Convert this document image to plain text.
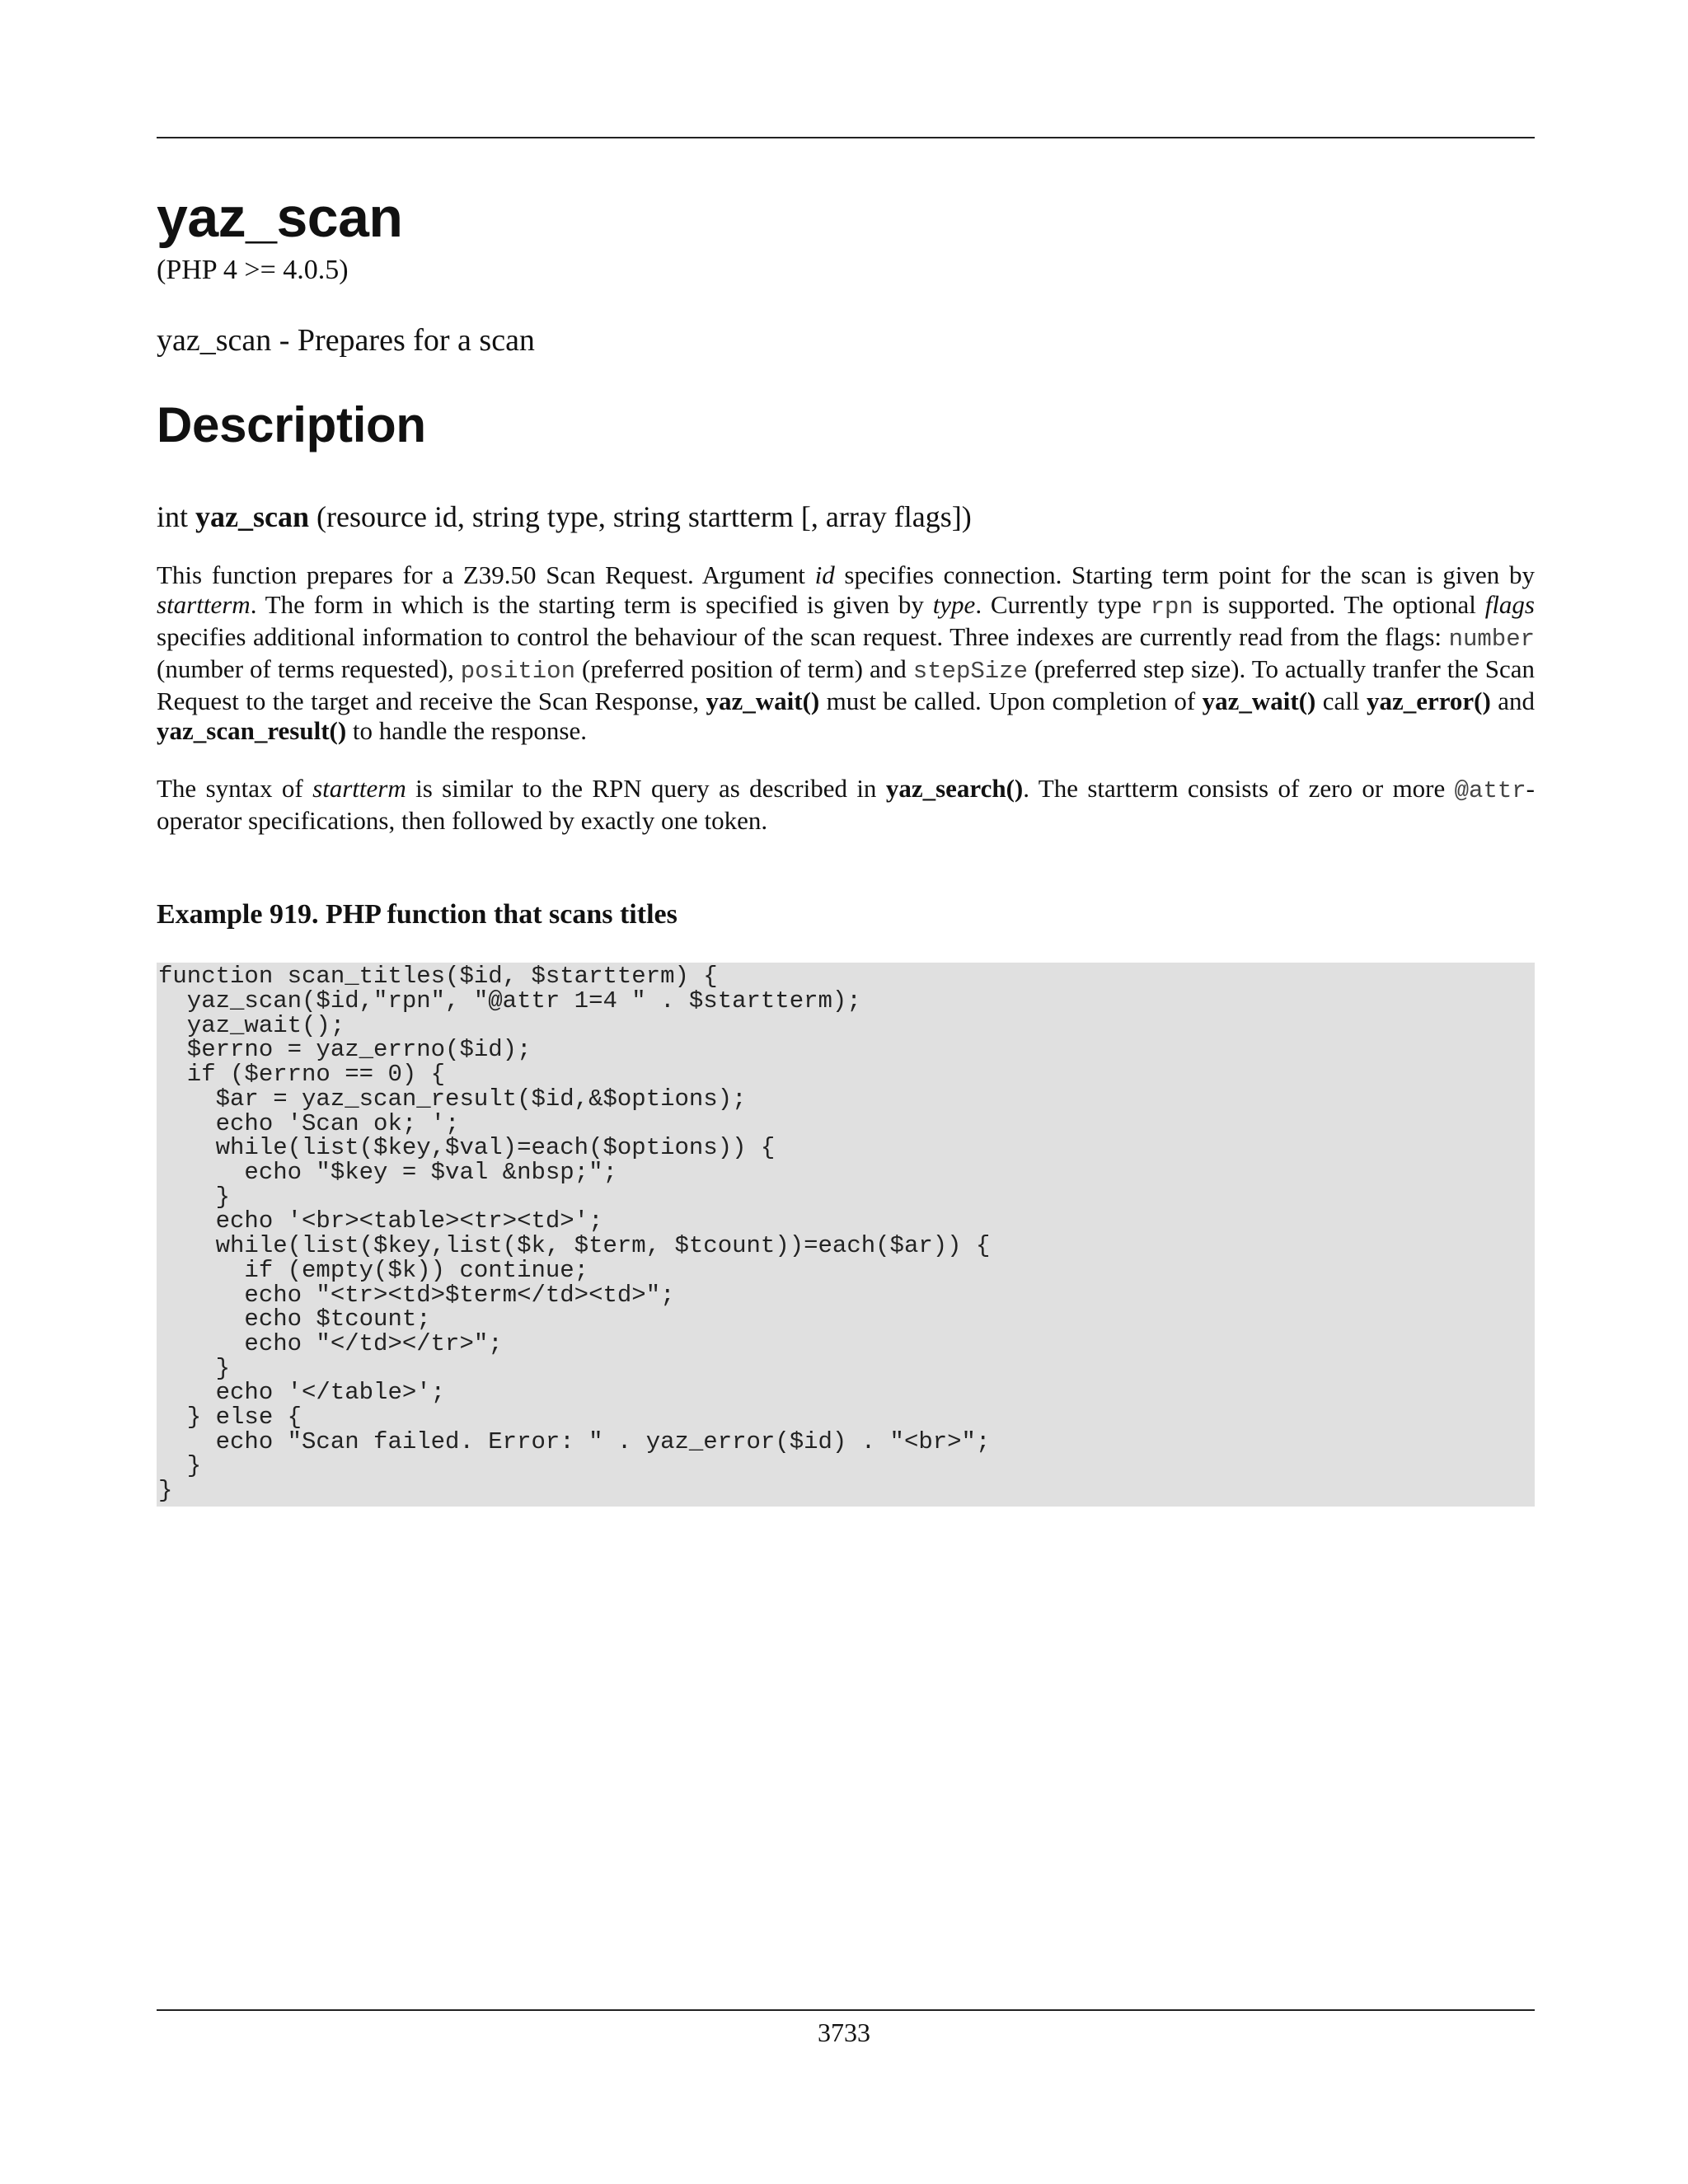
yaz_scan
(PHP 4 >= 4.0.5)
yaz_scan - Prepares for a scan
Description
int yaz_scan (resource id, string type, string startterm [, array flags])

This function prepares for a Z39.50 Scan Request. Argument id specifies connection. Starting term point for the scan is given by startterm. The form in which is the starting term is specified is given by type. Currently type rpn is supported. The optional flags specifies additional information to control the behaviour of the scan request. Three indexes are currently read from the flags: number (number of terms requested), position (preferred position of term) and stepSize (preferred step size). To actually tranfer the Scan Request to the target and receive the Scan Response, yaz_wait() must be called. Upon completion of yaz_wait() call yaz_error() and yaz_scan_result() to handle the response.

The syntax of startterm is similar to the RPN query as described in yaz_search(). The startterm consists of zero or more @attr-operator specifications, then followed by exactly one token.

Example 919. PHP function that scans titles
function scan_titles($id, $startterm) {
yaz_scan($id,"rpn", "@attr 1=4 " . $startterm);
yaz_wait();
$errno = yaz_errno($id);
if ($errno == 0) {
$ar = yaz_scan_result($id,&$options);
echo 'Scan ok; ';
while(list($key,$val)=each($options)) {
echo "$key = $val &nbsp;";
}
echo '<br><table><tr><td>';
while(list($key,list($k, $term, $tcount))=each($ar)) {
if (empty($k)) continue;
echo "<tr><td>$term</td><td>";
echo $tcount;
echo "</td></tr>";
}
echo '</table>';
} else {
echo "Scan failed. Error: " . yaz_error($id) . "<br>";
}
}
3733
